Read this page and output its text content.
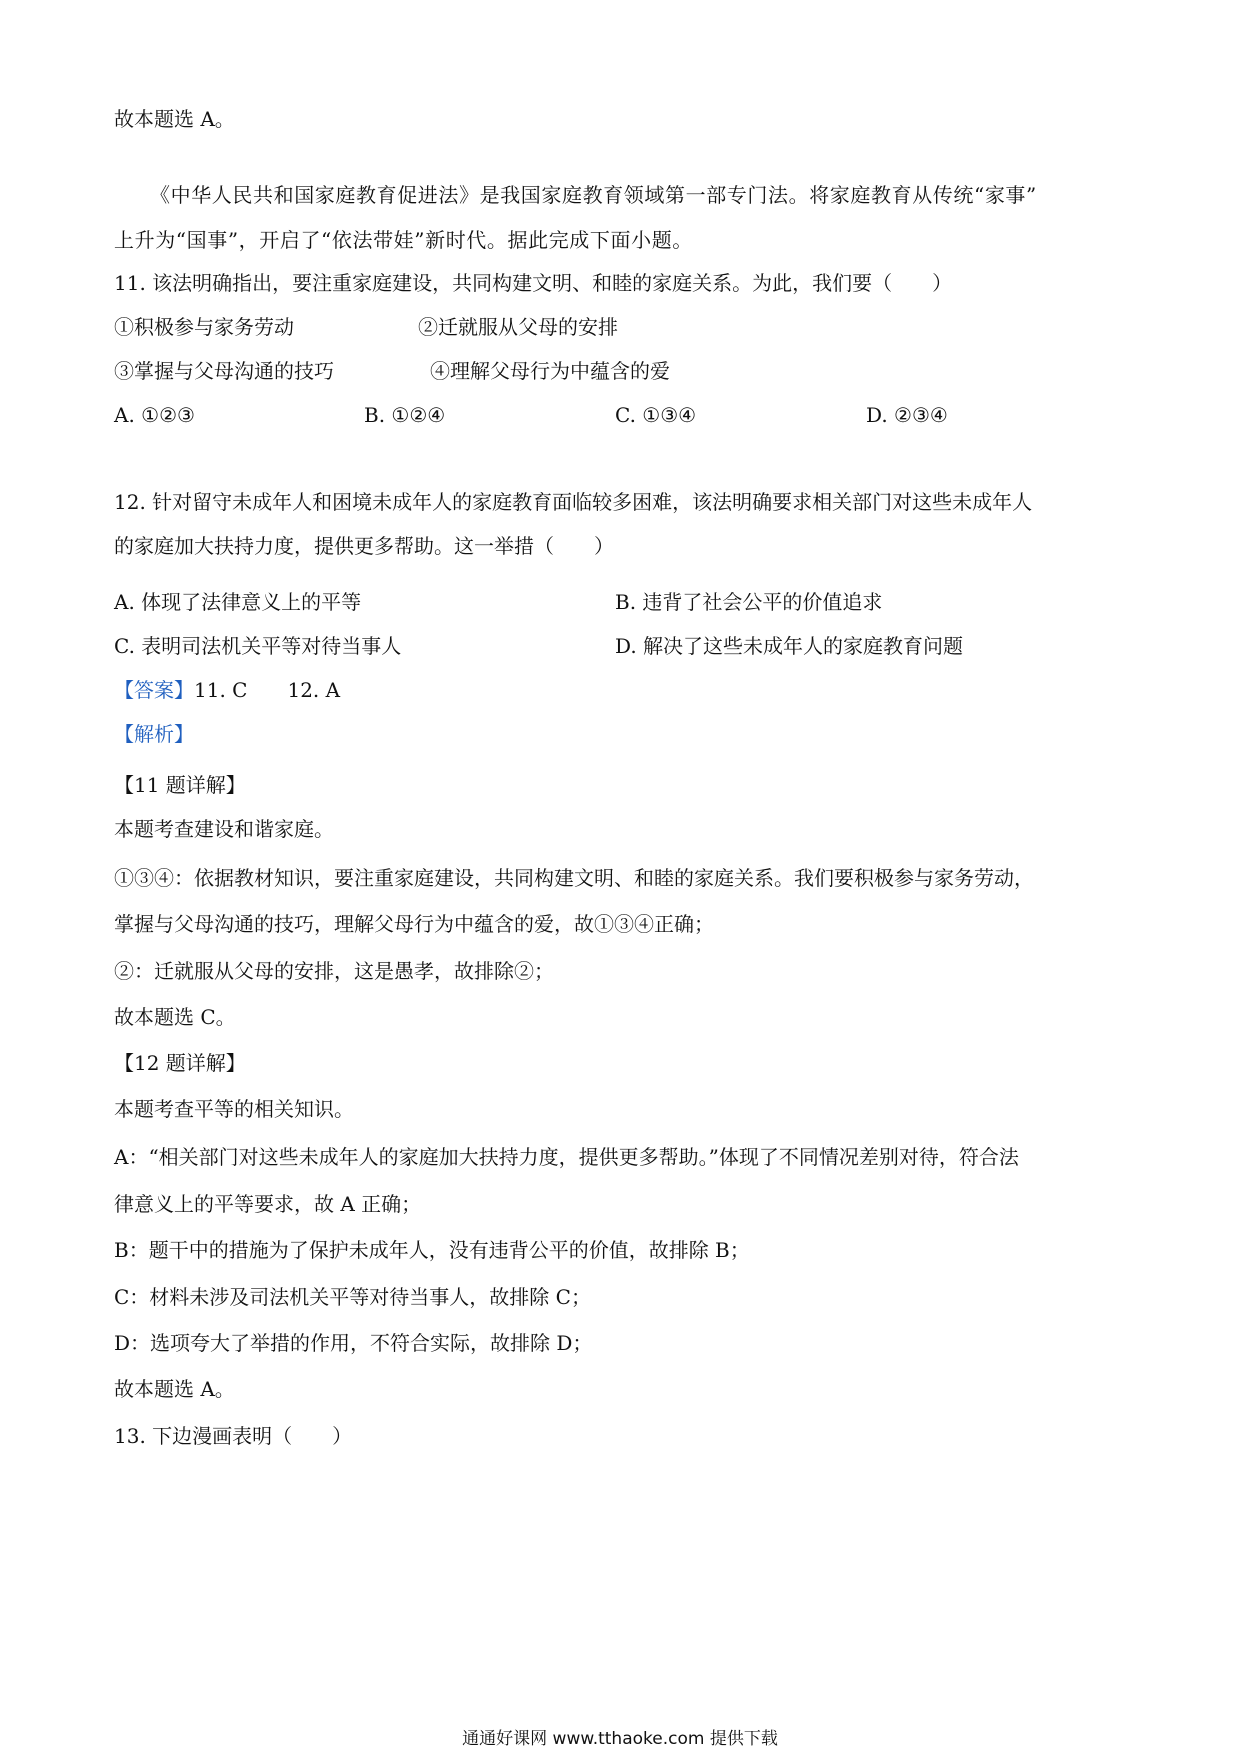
故本题选 A。
《中华人民共和国家庭教育促进法》是我国家庭教育领域第一部专门法。将家庭教育从传统“家事”
上升为“国事”，开启了“依法带娃”新时代。据此完成下面小题。
11. 该法明确指出，要注重家庭建设，共同构建文明、和睦的家庭关系。为此，我们要（　　）
①积极参与家务劳动	②迁就服从父母的安排
③掌握与父母沟通的技巧	④理解父母行为中蕴含的爱
A. ①②③	B. ①②④	C. ①③④	D. ②③④
12. 针对留守未成年人和困境未成年人的家庭教育面临较多困难，该法明确要求相关部门对这些未成年人
的家庭加大扶持力度，提供更多帮助。这一举措（　　）
A. 体现了法律意义上的平等	B. 违背了社会公平的价值追求
C. 表明司法机关平等对待当事人	D. 解决了这些未成年人的家庭教育问题
【答案】11. C 12. A
【解析】
【11 题详解】
本题考查建设和谐家庭。
①③④：依据教材知识，要注重家庭建设，共同构建文明、和睦的家庭关系。我们要积极参与家务劳动，
掌握与父母沟通的技巧，理解父母行为中蕴含的爱，故①③④正确；
②：迁就服从父母的安排，这是愚孝，故排除②；
故本题选 C。
【12 题详解】
本题考查平等的相关知识。
A：“相关部门对这些未成年人的家庭加大扶持力度，提供更多帮助。”体现了不同情况差别对待，符合法
律意义上的平等要求，故 A 正确；
B：题干中的措施为了保护未成年人，没有违背公平的价值，故排除 B；
C：材料未涉及司法机关平等对待当事人，故排除 C；
D：选项夸大了举措的作用，不符合实际，故排除 D；
故本题选 A。
13. 下边漫画表明（　　）
通通好课网 www.tthaoke.com 提供下载
